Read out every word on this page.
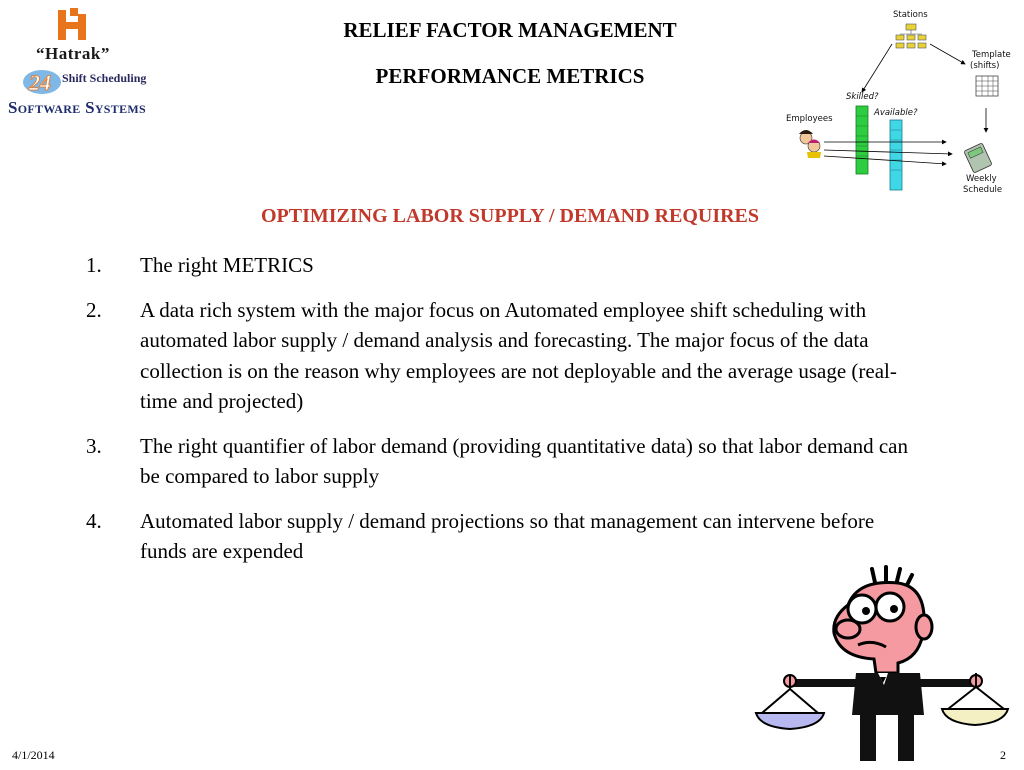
“Hatrak”
24 Shift Scheduling
Software Systems
RELIEF FACTOR MANAGEMENT
PERFORMANCE METRICS
Stations
Template
(shifts)
Skilled?
Available?
Employees
Weekly
Schedule
OPTIMIZING LABOR SUPPLY / DEMAND REQUIRES
1. The right METRICS
2. A data rich system with the major focus on Automated employee shift scheduling with automated labor supply / demand analysis and forecasting. The major focus of the data collection is on the reason why employees are not deployable and the average usage (real-time and projected)
3. The right quantifier of labor demand (providing quantitative data) so that labor demand can be compared to labor supply
4. Automated labor supply / demand projections so that management can intervene before funds are expended
4/1/2014	2
